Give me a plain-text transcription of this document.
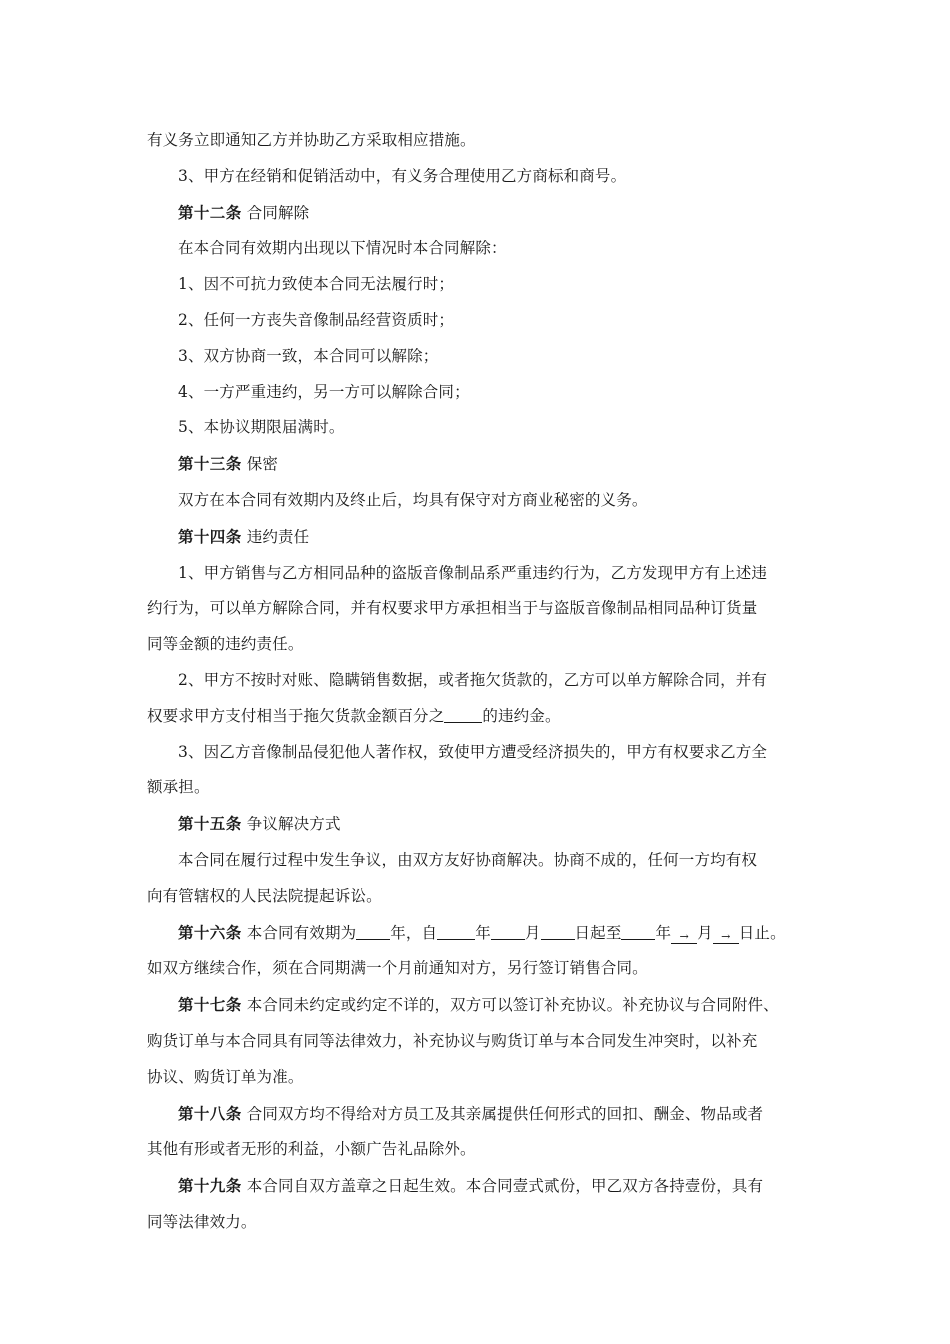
有义务立即通知乙方并协助乙方采取相应措施。

3、甲方在经销和促销活动中，有义务合理使用乙方商标和商号。

第十二条 合同解除

在本合同有效期内出现以下情况时本合同解除：

1、因不可抗力致使本合同无法履行时；

2、任何一方丧失音像制品经营资质时；

3、双方协商一致，本合同可以解除；

4、一方严重违约，另一方可以解除合同；

5、本协议期限届满时。

第十三条 保密

双方在本合同有效期内及终止后，均具有保守对方商业秘密的义务。

第十四条 违约责任

1、甲方销售与乙方相同品种的盗版音像制品系严重违约行为，乙方发现甲方有上述违

约行为，可以单方解除合同，并有权要求甲方承担相当于与盗版音像制品相同品种订货量

同等金额的违约责任。

2、甲方不按时对账、隐瞒销售数据，或者拖欠货款的，乙方可以单方解除合同，并有

权要求甲方支付相当于拖欠货款金额百分之 的违约金。

3、因乙方音像制品侵犯他人著作权，致使甲方遭受经济损失的，甲方有权要求乙方全

额承担。

第十五条 争议解决方式

本合同在履行过程中发生争议，由双方友好协商解决。协商不成的，任何一方均有权

向有管辖权的人民法院提起诉讼。

第十六条 本合同有效期为 年，自 年 月 日起至 年 → 月 → 日止。

如双方继续合作，须在合同期满一个月前通知对方，另行签订销售合同。

第十七条 本合同未约定或约定不详的，双方可以签订补充协议。补充协议与合同附件、

购货订单与本合同具有同等法律效力，补充协议与购货订单与本合同发生冲突时，以补充

协议、购货订单为准。

第十八条 合同双方均不得给对方员工及其亲属提供任何形式的回扣、酬金、物品或者

其他有形或者无形的利益，小额广告礼品除外。

第十九条 本合同自双方盖章之日起生效。本合同壹式贰份，甲乙双方各持壹份，具有

同等法律效力。
